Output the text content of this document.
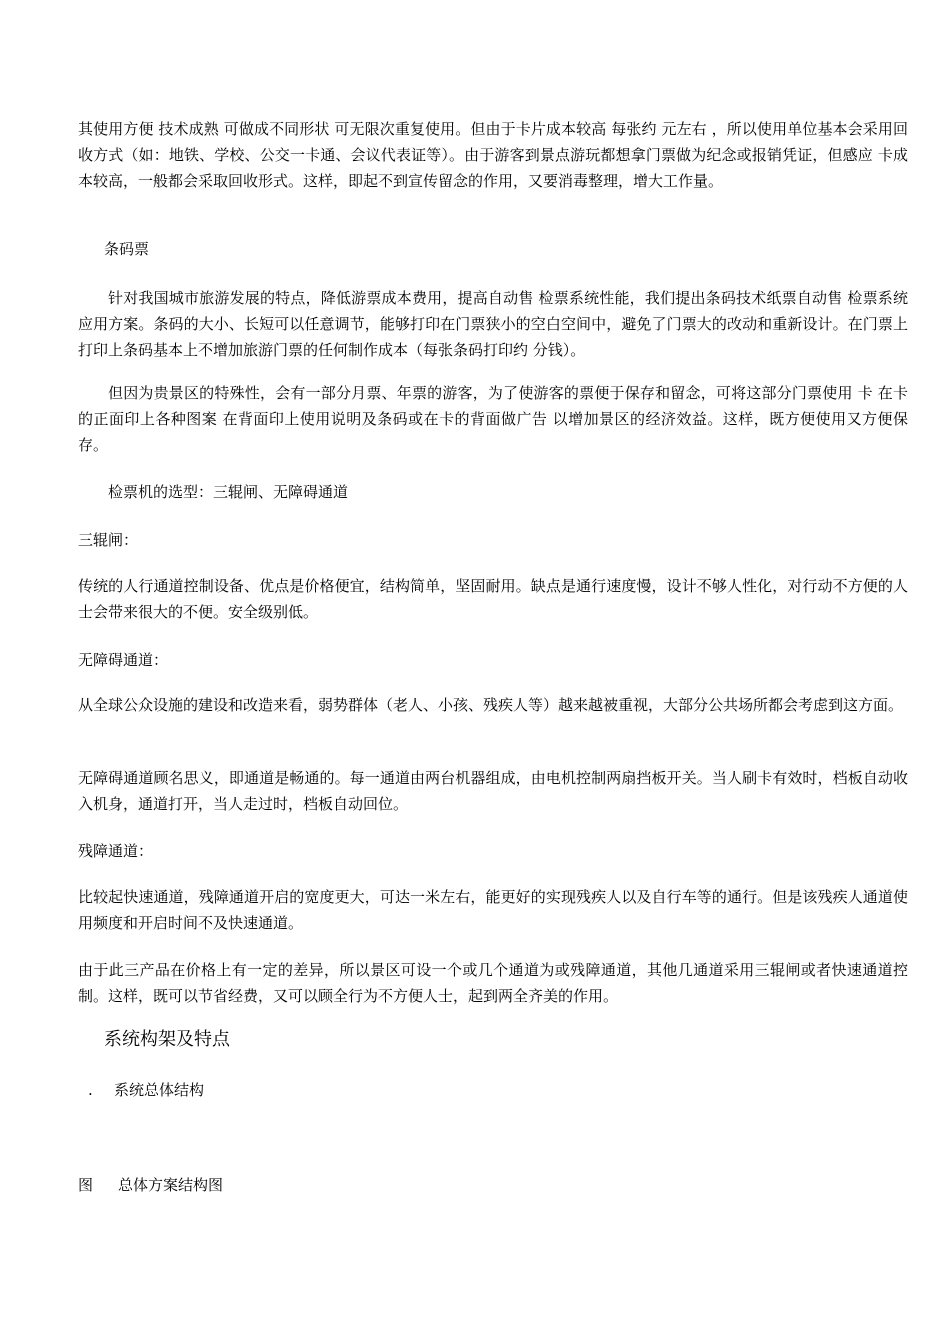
其使用方便 技术成熟 可做成不同形状 可无限次重复使用。但由于卡片成本较高 每张约 元左右 ，所以使用单位基本会采用回收方式（如：地铁、学校、公交一卡通、会议代表证等）。由于游客到景点游玩都想拿门票做为纪念或报销凭证，但感应 卡成本较高，一般都会采取回收形式。这样，即起不到宣传留念的作用，又要消毒整理，增大工作量。

条码票

针对我国城市旅游发展的特点，降低游票成本费用，提高自动售 检票系统性能，我们提出条码技术纸票自动售 检票系统应用方案。条码的大小、长短可以任意调节，能够打印在门票狭小的空白空间中，避免了门票大的改动和重新设计。在门票上打印上条码基本上不增加旅游门票的任何制作成本（每张条码打印约 分钱）。

但因为贵景区的特殊性，会有一部分月票、年票的游客，为了使游客的票便于保存和留念，可将这部分门票使用 卡 在卡的正面印上各种图案 在背面印上使用说明及条码或在卡的背面做广告 以增加景区的经济效益。这样，既方便使用又方便保存。

检票机的选型：三辊闸、无障碍通道

三辊闸：

传统的人行通道控制设备、优点是价格便宜，结构简单，坚固耐用。缺点是通行速度慢，设计不够人性化，对行动不方便的人士会带来很大的不便。安全级别低。

无障碍通道：

从全球公众设施的建设和改造来看，弱势群体（老人、小孩、残疾人等）越来越被重视，大部分公共场所都会考虑到这方面。

无障碍通道顾名思义，即通道是畅通的。每一通道由两台机器组成，由电机控制两扇挡板开关。当人刷卡有效时，档板自动收入机身，通道打开，当人走过时，档板自动回位。

残障通道：

比较起快速通道，残障通道开启的宽度更大，可达一米左右，能更好的实现残疾人以及自行车等的通行。但是该残疾人通道使用频度和开启时间不及快速通道。

由于此三产品在价格上有一定的差异，所以景区可设一个或几个通道为或残障通道，其他几通道采用三辊闸或者快速通道控制。这样，既可以节省经费，又可以顾全行为不方便人士，起到两全齐美的作用。

系统构架及特点

. 系统总体结构

图 总体方案结构图
